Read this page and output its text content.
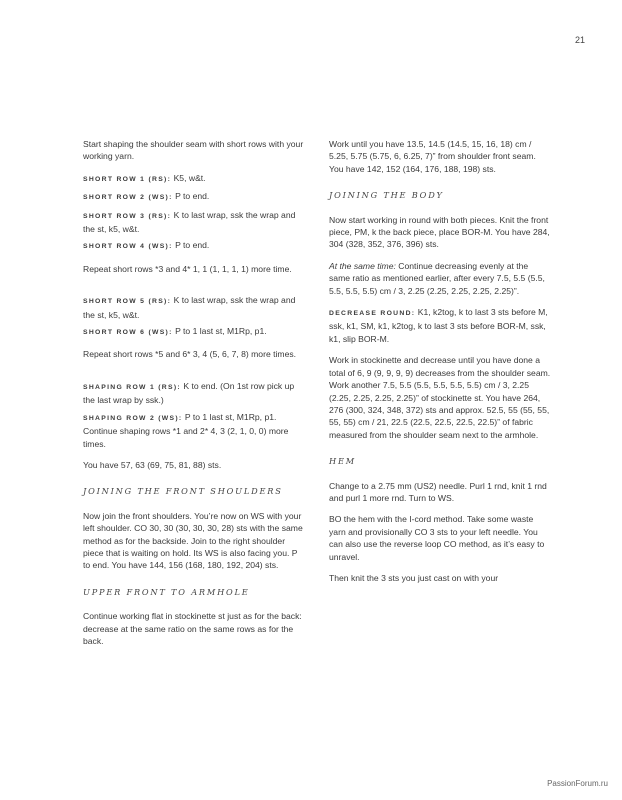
21

Start shaping the shoulder seam with short rows with your working yarn.

SHORT ROW 1 (RS): K5, w&t.

SHORT ROW 2 (WS): P to end.

SHORT ROW 3 (RS): K to last wrap, ssk the wrap and the st, k5, w&t.

SHORT ROW 4 (WS): P to end.

Repeat short rows *3 and 4* 1, 1 (1, 1, 1, 1) more time.

SHORT ROW 5 (RS): K to last wrap, ssk the wrap and the st, k5, w&t.

SHORT ROW 6 (WS): P to 1 last st, M1Rp, p1.

Repeat short rows *5 and 6* 3, 4 (5, 6, 7, 8) more times.

SHAPING ROW 1 (RS): K to end. (On 1st row pick up the last wrap by ssk.)

SHAPING ROW 2 (WS): P to 1 last st, M1Rp, p1. Continue shaping rows *1 and 2* 4, 3 (2, 1, 0, 0) more times.

You have 57, 63 (69, 75, 81, 88) sts.

JOINING THE FRONT SHOULDERS

Now join the front shoulders. You’re now on WS with your left shoulder. CO 30, 30 (30, 30, 30, 28) sts with the same method as for the backside. Join to the right shoulder piece that is waiting on hold. Its WS is also facing you. P to end. You have 144, 156 (168, 180, 192, 204) sts.

UPPER FRONT TO ARMHOLE

Continue working flat in stockinette st just as for the back: decrease at the same ratio on the same rows as for the back.

Work until you have 13.5, 14.5 (14.5, 15, 16, 18) cm / 5.25, 5.75 (5.75, 6, 6.25, 7)” from shoulder front seam. You have 142, 152 (164, 176, 188, 198) sts.

JOINING THE BODY

Now start working in round with both pieces. Knit the front piece, PM, k the back piece, place BOR-M. You have 284, 304 (328, 352, 376, 396) sts.

At the same time: Continue decreasing evenly at the same ratio as mentioned earlier, after every 7.5, 5.5 (5.5, 5.5, 5.5, 5.5) cm / 3, 2.25 (2.25, 2.25, 2.25, 2.25)”.

DECREASE ROUND: K1, k2tog, k to last 3 sts before M, ssk, k1, SM, k1, k2tog, k to last 3 sts before BOR-M, ssk, k1, slip BOR-M.

Work in stockinette and decrease until you have done a total of 6, 9 (9, 9, 9, 9) decreases from the shoulder seam. Work another 7.5, 5.5 (5.5, 5.5, 5.5, 5.5) cm / 3, 2.25 (2.25, 2.25, 2.25, 2.25)” of stockinette st. You have 264, 276 (300, 324, 348, 372) sts and approx. 52.5, 55 (55, 55, 55, 55) cm / 21, 22.5 (22.5, 22.5, 22.5, 22.5)” of fabric measured from the shoulder seam next to the armhole.

HEM

Change to a 2.75 mm (US2) needle. Purl 1 rnd, knit 1 rnd and purl 1 more rnd. Turn to WS.

BO the hem with the I-cord method. Take some waste yarn and provisionally CO 3 sts to your left needle. You can also use the reverse loop CO method, as it’s easy to unravel.

Then knit the 3 sts you just cast on with your

PassionForum.ru
